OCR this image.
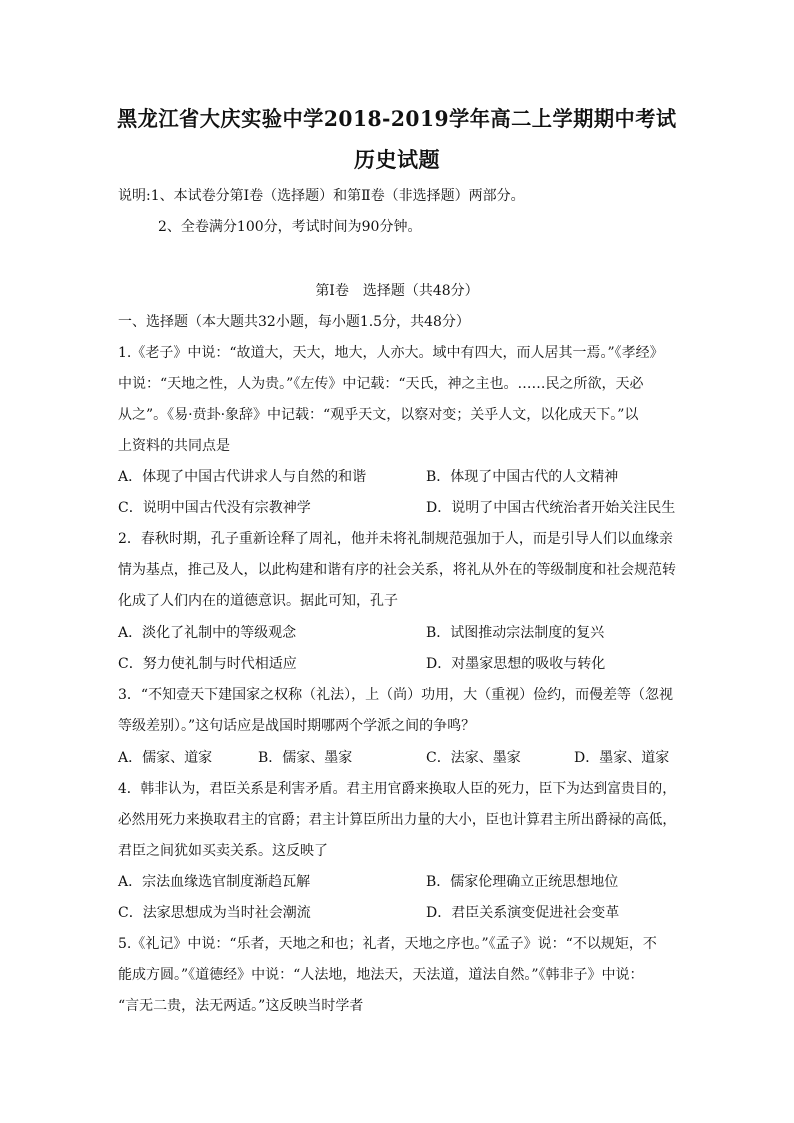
黑龙江省大庆实验中学2018-2019学年高二上学期期中考试
历史试题
说明:1、本试卷分第Ⅰ卷（选择题）和第Ⅱ卷（非选择题）两部分。
2、全卷满分100分，考试时间为90分钟。
第Ⅰ卷　选择题（共48分）
一、选择题（本大题共32小题，每小题1.5分，共48分）
1.《老子》中说：“故道大，天大，地大，人亦大。域中有四大，而人居其一焉。”《孝经》
中说：“天地之性，人为贵。”《左传》中记载：“天氏，神之主也。……民之所欲，天必
从之”。《易·贲卦·象辞》中记载：“观乎天文，以察对变；关乎人文，以化成天下。”以
上资料的共同点是
A．体现了中国古代讲求人与自然的和谐	B．体现了中国古代的人文精神
C．说明中国古代没有宗教神学	D．说明了中国古代统治者开始关注民生
2．春秋时期，孔子重新诠释了周礼，他并未将礼制规范强加于人，而是引导人们以血缘亲
情为基点，推己及人，以此构建和谐有序的社会关系，将礼从外在的等级制度和社会规范转
化成了人们内在的道德意识。据此可知，孔子
A．淡化了礼制中的等级观念	B．试图推动宗法制度的复兴
C．努力使礼制与时代相适应	D．对墨家思想的吸收与转化
3．“不知壹天下建国家之权称（礼法），上（尚）功用，大（重视）俭约，而僈差等（忽视
等级差别）。”这句话应是战国时期哪两个学派之间的争鸣？
A．儒家、道家	B．儒家、墨家	C．法家、墨家	D．墨家、道家
4．韩非认为，君臣关系是利害矛盾。君主用官爵来换取人臣的死力，臣下为达到富贵目的，
必然用死力来换取君主的官爵；君主计算臣所出力量的大小，臣也计算君主所出爵禄的高低，
君臣之间犹如买卖关系。这反映了
A．宗法血缘选官制度渐趋瓦解	B．儒家伦理确立正统思想地位
C．法家思想成为当时社会潮流	D．君臣关系演变促进社会变革
5.《礼记》中说：“乐者，天地之和也；礼者，天地之序也。”《孟子》说：“不以规矩，不
能成方圆。”《道德经》中说：“人法地，地法天，天法道，道法自然。”《韩非子》中说：
“言无二贵，法无两适。”这反映当时学者
